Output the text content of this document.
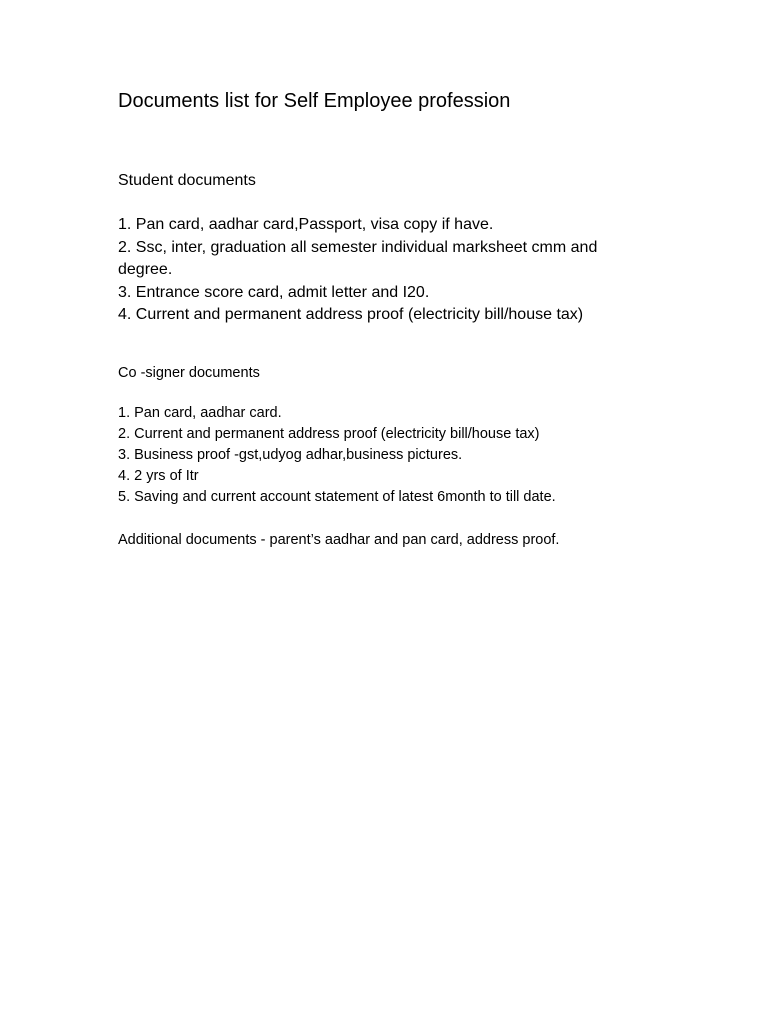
Documents list for Self Employee profession
Student documents
1. Pan card, aadhar card,Passport, visa copy if have.
2. Ssc, inter, graduation all semester individual marksheet cmm and degree.
3. Entrance score card, admit letter and I20.
4. Current and permanent address proof (electricity bill/house tax)
Co -signer documents
1. Pan card, aadhar card.
2. Current and permanent address proof (electricity bill/house tax)
3. Business proof -gst,udyog adhar,business pictures.
4. 2 yrs of Itr
5. Saving and current account statement of latest 6month to till date.

Additional documents - parent’s aadhar and pan card, address proof.
